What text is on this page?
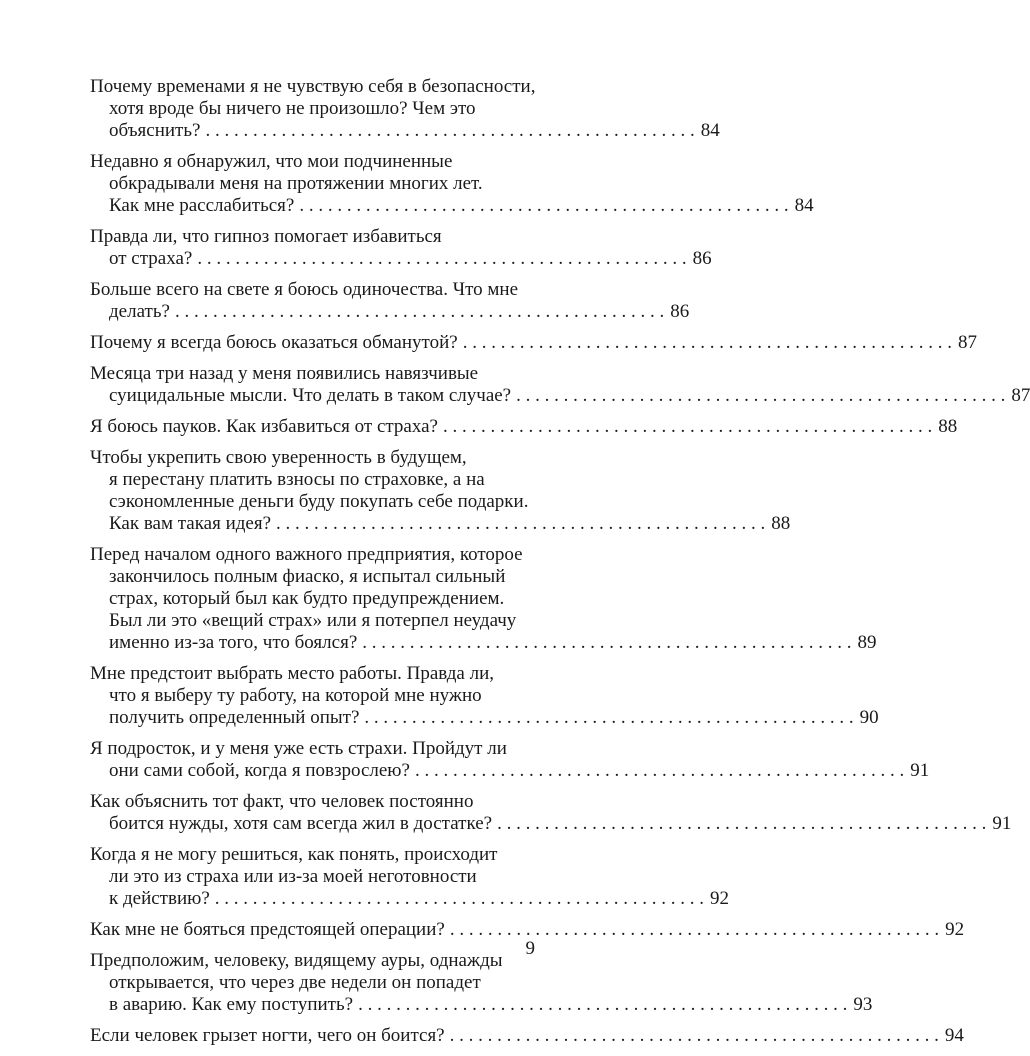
Почему временами я не чувствую себя в безопасности,
хотя вроде бы ничего не произошло? Чем это
объяснить? . . .	84
Недавно я обнаружил, что мои подчиненные
обкрадывали меня на протяжении многих лет.
Как мне расслабиться? . . .	84
Правда ли, что гипноз помогает избавиться
от страха? . . .	86
Больше всего на свете я боюсь одиночества. Что мне
делать? . . .	86
Почему я всегда боюсь оказаться обманутой? . . .	87
Месяца три назад у меня появились навязчивые
суицидальные мысли. Что делать в таком случае? . . .	87
Я боюсь пауков. Как избавиться от страха? . . .	88
Чтобы укрепить свою уверенность в будущем,
я перестану платить взносы по страховке, а на
сэкономленные деньги буду покупать себе подарки.
Как вам такая идея? . . .	88
Перед началом одного важного предприятия, которое
закончилось полным фиаско, я испытал сильный
страх, который был как будто предупреждением.
Был ли это «вещий страх» или я потерпел неудачу
именно из-за того, что боялся? . . .	89
Мне предстоит выбрать место работы. Правда ли,
что я выберу ту работу, на которой мне нужно
получить определенный опыт? . . .	90
Я подросток, и у меня уже есть страхи. Пройдут ли
они сами собой, когда я повзрослею? . . .	91
Как объяснить тот факт, что человек постоянно
боится нужды, хотя сам всегда жил в достатке? . . .	91
Когда я не могу решиться, как понять, происходит
ли это из страха или из-за моей неготовности
к действию? . . .	92
Как мне не бояться предстоящей операции? . . .	92
Предположим, человеку, видящему ауры, однажды
открывается, что через две недели он попадет
в аварию. Как ему поступить? . . .	93
Если человек грызет ногти, чего он боится? . . .	94
9
